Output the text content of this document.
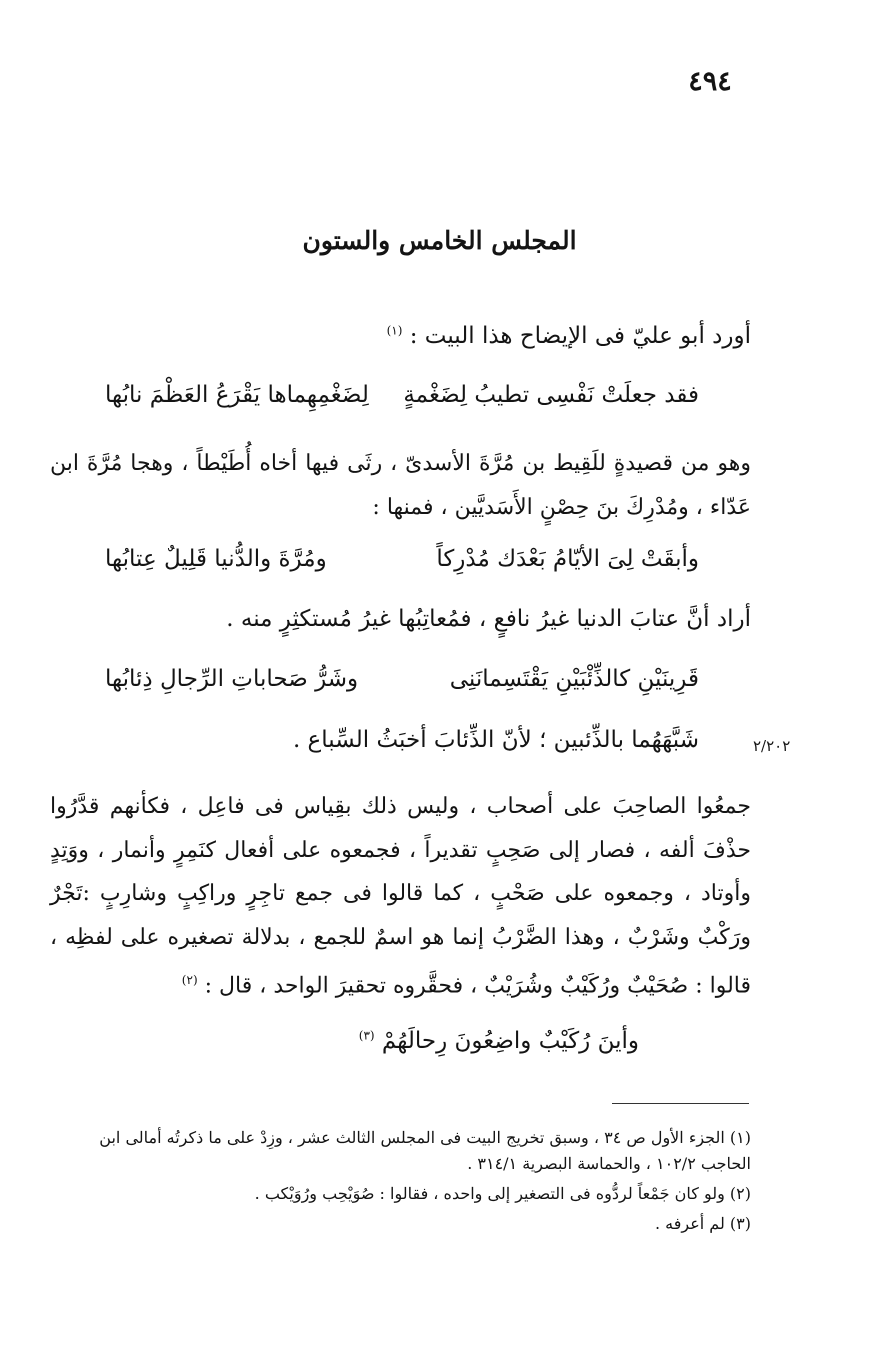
٤٩٤
المجلس الخامس والستون
أورد أبو عليّ فى الإيضاح هذا البيت : $^{(١)}$
فقد جعلَتْ نَفْسِى تطيبُ لِضَغْمةٍ
لِضَغْمِهِماها يَقْرَعُ العَظْمَ نابُها
وهو من قصيدةٍ للَقِيط بن مُرَّةَ الأسدىّ ، رثَى فيها أخاه أُطَيْطاً ، وهجا مُرَّةَ ابن عَدّاء ، ومُدْرِكَ بنَ حِصْنٍ الأَسَديَّين ، فمنها :
وأبقَتْ لِىَ الأيّامُ بَعْدَك مُدْرِكاً
ومُرَّةَ والدُّنيا قَلِيلٌ عِتابُها
أراد أنَّ عتابَ الدنيا غيرُ نافعٍ ، فمُعاتِبُها غيرُ مُستكثِرٍ منه .
قَرِينَيْنِ كالذِّئْبَيْنِ يَقْتَسِمانَنِى
وشَرُّ صَحاباتِ الرِّجالِ ذِئابُها
شَبَّهَهُما بالذِّئبين ؛ لأنّ الذِّئابَ أخبَثُ السِّباع .	٢/٢٠٢
جمعُوا الصاحِبَ على أصحاب ، وليس ذلك بقِياس فى فاعِل ، فكأنهم قدَّرُوا حذْفَ ألفه ، فصار إلى صَحِبٍ تقديراً ، فجمعوه على أفعال كنَمِرٍ وأنمار ، ووَتِدٍ وأوتاد ، وجمعوه على صَحْبٍ ، كما قالوا فى جمع تاجِرٍ وراكِبٍ وشارِبٍ :تَجْرٌ ورَكْبٌ وشَرْبٌ ، وهذا الضَّرْبُ إنما هو اسمٌ للجمع ، بدلالة تصغيره على لفظِه ، قالوا : صُحَيْبٌ ورُكَيْبٌ وشُرَيْبٌ ، فحقَّروه تحقيرَ الواحد ، قال : $^{(٢)}$
وأينَ رُكَيْبٌ واضِعُونَ رِحالَهُمْ $^{(٣)}$

(١) الجزء الأول ص ٣٤ ، وسبق تخريج البيت فى المجلس الثالث عشر ، وزِدْ على ما ذكرتُه أمالى ابن الحاجب ١٠٢/٢ ، والحماسة البصرية ٣١٤/١ .

(٢) ولو كان جَمْعاً لردُّوه فى التصغير إلى واحده ، فقالوا : صُوَيْحِب ورُوَيْكب .

(٣) لم أعرفه .
